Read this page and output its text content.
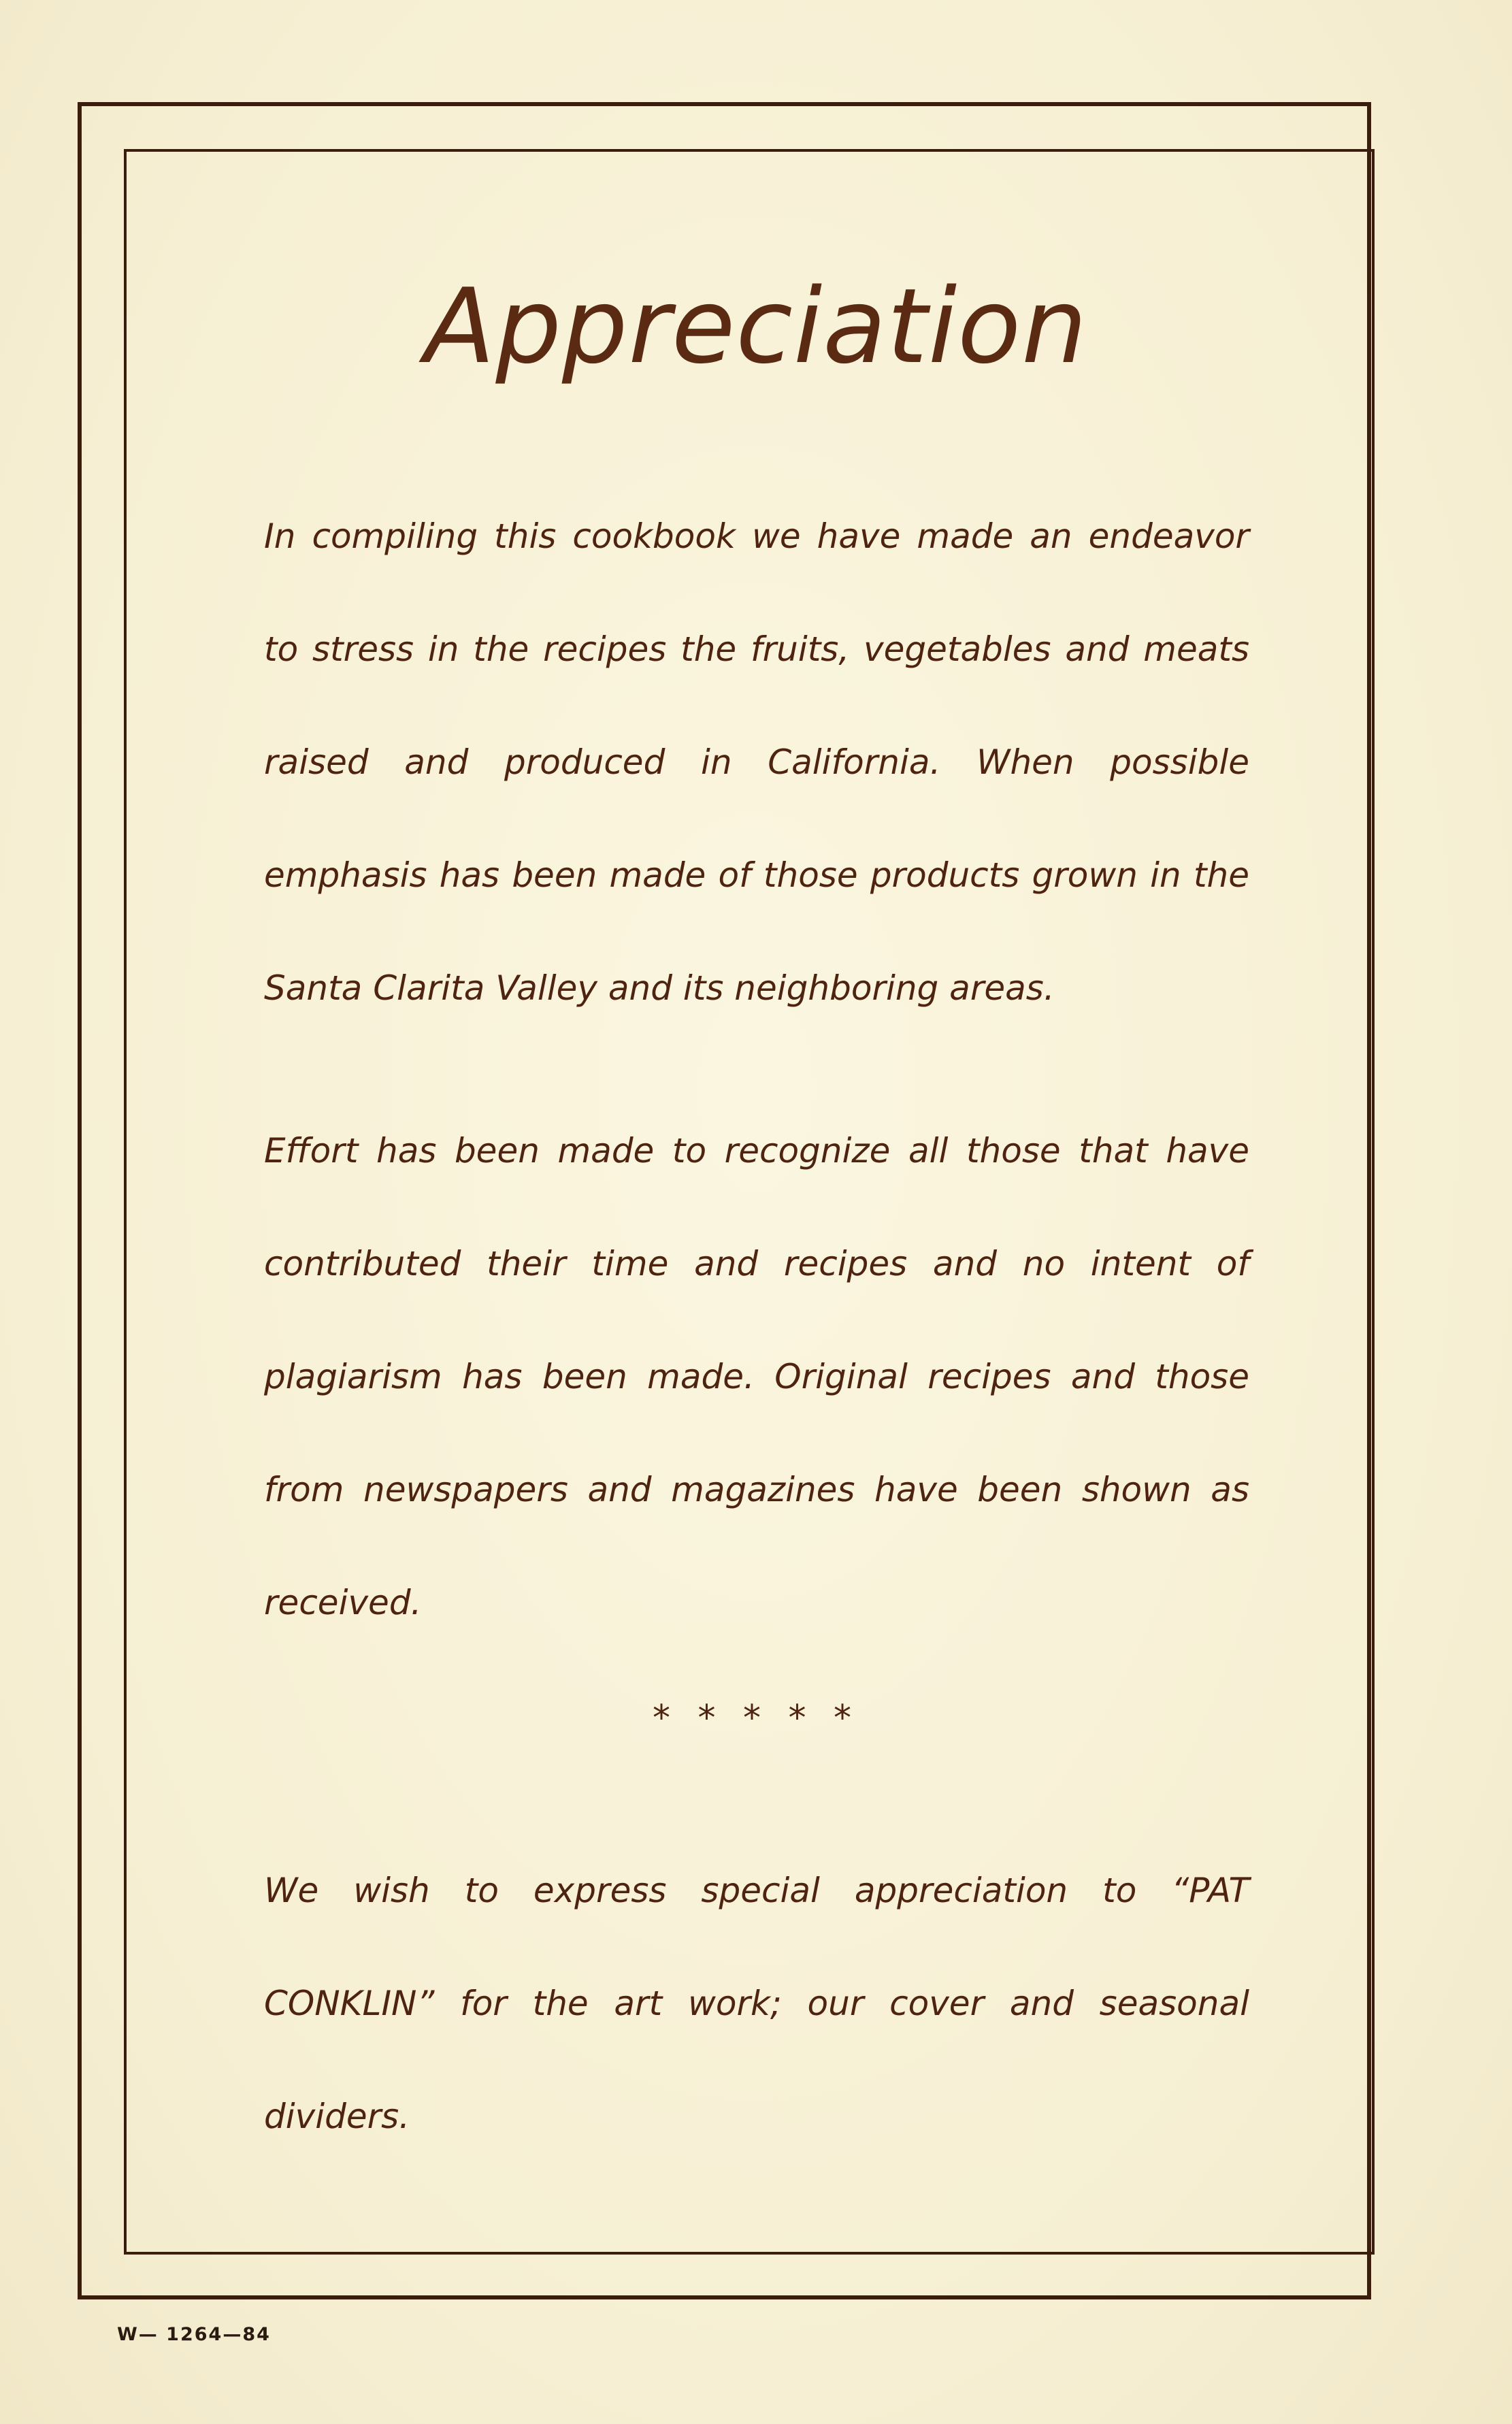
Appreciation

In compiling this cookbook we have made an endeavor to stress in the recipes the fruits, vegetables and meats raised and produced in California. When possible emphasis has been made of those products grown in the Santa Clarita Valley and its neighboring areas.

Effort has been made to recognize all those that have contributed their time and recipes and no intent of plagiarism has been made. Original recipes and those from newspapers and magazines have been shown as received.

* * * * *

We wish to express special appreciation to “PAT CONKLIN” for the art work; our cover and seasonal dividers.

W— 1264—84
